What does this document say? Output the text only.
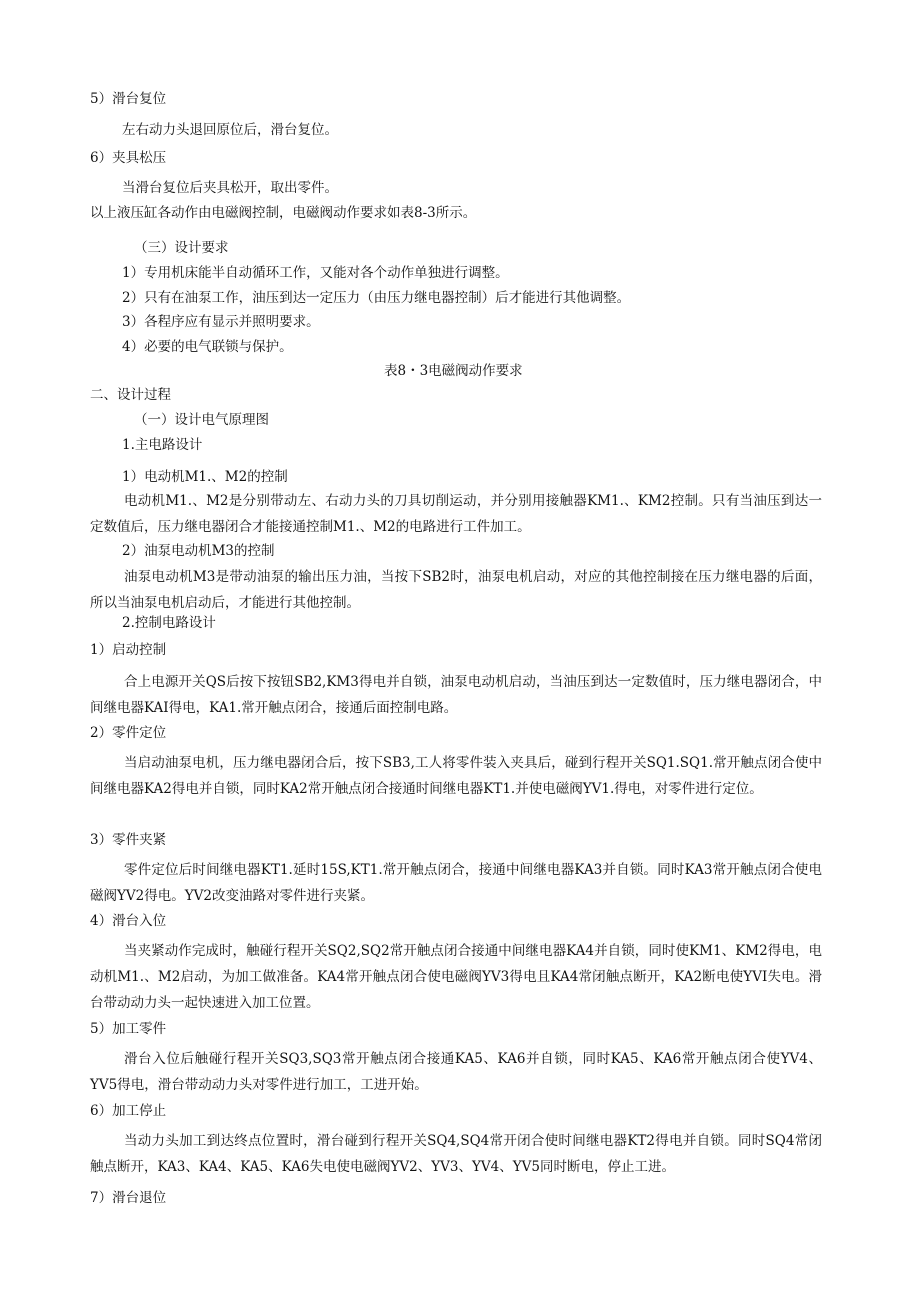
5）滑台复位
左右动力头退回原位后，滑台复位。
6）夹具松压
当滑台复位后夹具松开，取出零件。
以上液压缸各动作由电磁阀控制，电磁阀动作要求如表8-3所示。
（三）设计要求
1）专用机床能半自动循环工作，又能对各个动作单独进行调整。
2）只有在油泵工作，油压到达一定压力（由压力继电器控制）后才能进行其他调整。
3）各程序应有显示并照明要求。
4）必要的电气联锁与保护。
表8・3电磁阀动作要求
二、设计过程
（一）设计电气原理图
1.主电路设计
1）电动机M1.、M2的控制
电动机M1.、M2是分别带动左、右动力头的刀具切削运动，并分别用接触器KM1.、KM2控制。只有当油压到达一定数值后，压力继电器闭合才能接通控制M1.、M2的电路进行工件加工。
2）油泵电动机M3的控制
油泵电动机M3是带动油泵的输出压力油，当按下SB2时，油泵电机启动，对应的其他控制接在压力继电器的后面，所以当油泵电机启动后，才能进行其他控制。
2.控制电路设计
1）启动控制
合上电源开关QS后按下按钮SB2,KM3得电并自锁，油泵电动机启动，当油压到达一定数值时，压力继电器闭合，中间继电器KAI得电，KA1.常开触点闭合，接通后面控制电路。
2）零件定位
当启动油泵电机，压力继电器闭合后，按下SB3,工人将零件装入夹具后，碰到行程开关SQ1.SQ1.常开触点闭合使中间继电器KA2得电并自锁，同时KA2常开触点闭合接通时间继电器KT1.并使电磁阀YV1.得电，对零件进行定位。
3）零件夹紧
零件定位后时间继电器KT1.延时15S,KT1.常开触点闭合，接通中间继电器KA3并自锁。同时KA3常开触点闭合使电磁阀YV2得电。YV2改变油路对零件进行夹紧。
4）滑台入位
当夹紧动作完成时，触碰行程开关SQ2,SQ2常开触点闭合接通中间继电器KA4并自锁，同时使KM1、KM2得电，电动机M1.、M2启动，为加工做准备。KA4常开触点闭合使电磁阀YV3得电且KA4常闭触点断开，KA2断电使YVI失电。滑台带动动力头一起快速进入加工位置。
5）加工零件
滑台入位后触碰行程开关SQ3,SQ3常开触点闭合接通KA5、KA6并自锁，同时KA5、KA6常开触点闭合使YV4、YV5得电，滑台带动动力头对零件进行加工，工进开始。
6）加工停止
当动力头加工到达终点位置时，滑台碰到行程开关SQ4,SQ4常开闭合使时间继电器KT2得电并自锁。同时SQ4常闭触点断开，KA3、KA4、KA5、KA6失电使电磁阀YV2、YV3、YV4、YV5同时断电，停止工进。
7）滑台退位
